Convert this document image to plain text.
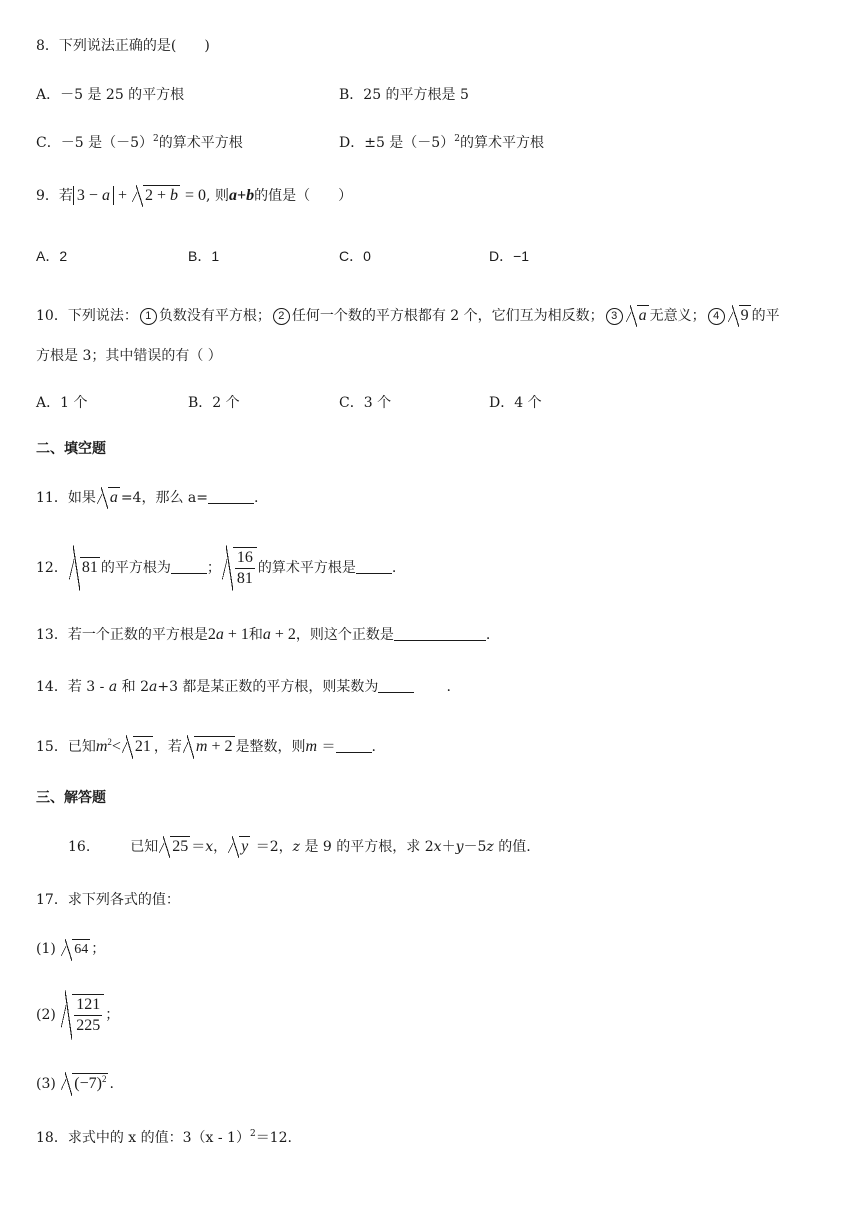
8．下列说法正确的是(　　)
A．－5 是 25 的平方根	B．25 的平方根是 5
C．－5 是$(-5)^2$的算术平方根	D．±5 是$(-5)^2$的算术平方根
9．若 3 − a + 2 + b = 0, 则a+b的值是（　　）
A．2	B．1	C．0	D．−1
10．下列说法： 1 负数没有平方根； 2 任何一个数的平方根都有 2 个，它们互为相反数； 3 a 无意义； 4 9 的平
方根是 3；其中错误的有（ ）
A．1 个	B．2 个	C．3 个	D．4 个
二、填空题
11．如果 a =4，那么 a=	.
12． 81 的平方根为	； $\frac{16}{81}$ 的算术平方根是	.
13．若一个正数的平方根是2a + 1和a + 2，则这个正数是	.
14．若 3 - a 和 2a+3 都是某正数的平方根，则某数为	.
15．已知$m^2< 21$ ，若 m + 2 是整数，则m ＝	.
三、解答题
16.	已知 25 ＝x， y ＝2，z 是 9 的平方根，求 2x＋y－5z 的值.
17．求下列各式的值：
(1) 64 ；
$(2) \frac{121}{225}$ ；
(3) $(-7)^2$ .
18．求式中的 x 的值：3（x - 1）$^2$＝12.
